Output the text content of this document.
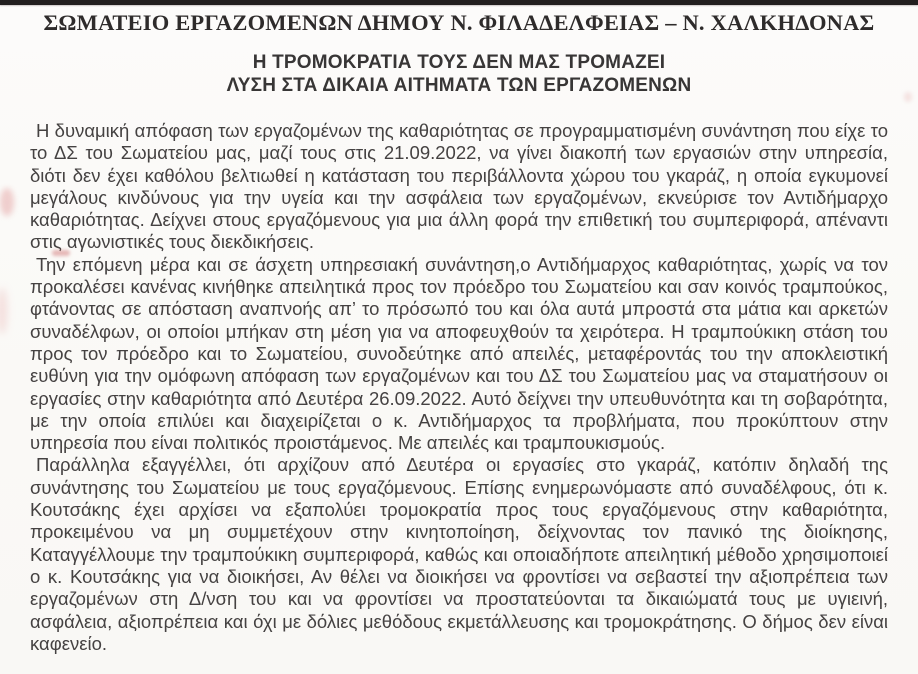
ΣΩΜΑΤΕΙΟ ΕΡΓΑΖΟΜΕΝΩΝ ΔΗΜΟΥ Ν. ΦΙΛΑΔΕΛΦΕΙΑΣ – Ν. ΧΑΛΚΗΔΟΝΑΣ
Η ΤΡΟΜΟΚΡΑΤΙΑ ΤΟΥΣ ΔΕΝ ΜΑΣ ΤΡΟΜΑΖΕΙ
ΛΥΣΗ ΣΤΑ ΔΙΚΑΙΑ ΑΙΤΗΜΑΤΑ ΤΩΝ ΕΡΓΑΖΟΜΕΝΩΝ

Η δυναμική απόφαση των εργαζομένων της καθαριότητας σε προγραμματισμένη συνάντηση που είχε το το ΔΣ του Σωματείου μας, μαζί τους στις 21.09.2022, να γίνει διακοπή των εργασιών στην υπηρεσία, διότι δεν έχει καθόλου βελτιωθεί η κατάσταση του περιβάλλοντα χώρου του γκαράζ, η οποία εγκυμονεί μεγάλους κινδύνους για την υγεία και την ασφάλεια των εργαζομένων, εκνεύρισε τον Αντιδήμαρχο καθαριότητας. Δείχνει στους εργαζόμενους για μια άλλη φορά την επιθετική του συμπεριφορά, απέναντι στις αγωνιστικές τους διεκδικήσεις.

Την επόμενη μέρα και σε άσχετη υπηρεσιακή συνάντηση,ο Αντιδήμαρχος καθαριότητας, χωρίς να τον προκαλέσει κανένας κινήθηκε απειλητικά προς τον πρόεδρο του Σωματείου και σαν κοινός τραμπούκος, φτάνοντας σε απόσταση αναπνοής απ’ το πρόσωπό του και όλα αυτά μπροστά στα μάτια και αρκετών συναδέλφων, οι οποίοι μπήκαν στη μέση για να αποφευχθούν τα χειρότερα. Η τραμπούκικη στάση του προς τον πρόεδρο και το Σωματείου, συνοδεύτηκε από απειλές, μεταφέροντάς του την αποκλειστική ευθύνη για την ομόφωνη απόφαση των εργαζομένων και του ΔΣ του Σωματείου μας να σταματήσουν οι εργασίες στην καθαριότητα από Δευτέρα 26.09.2022. Αυτό δείχνει την υπευθυνότητα και τη σοβαρότητα, με την οποία επιλύει και διαχειρίζεται ο κ. Αντιδήμαρχος τα προβλήματα, που προκύπτουν στην υπηρεσία που είναι πολιτικός προιστάμενος. Με απειλές και τραμπουκισμούς.

Παράλληλα εξαγγέλλει, ότι αρχίζουν από Δευτέρα οι εργασίες στο γκαράζ, κατόπιν δηλαδή της συνάντησης του Σωματείου με τους εργαζόμενους. Επίσης ενημερωνόμαστε από συναδέλφους, ότι κ. Κουτσάκης έχει αρχίσει να εξαπολύει τρομοκρατία προς τους εργαζόμενους στην καθαριότητα, προκειμένου να μη συμμετέχουν στην κινητοποίηση, δείχνοντας τον πανικό της διοίκησης, Καταγγέλλουμε την τραμπούκικη συμπεριφορά, καθώς και οποιαδήποτε απειλητική μέθοδο χρησιμοποιεί ο κ. Κουτσάκης για να διοικήσει, Αν θέλει να διοικήσει να φροντίσει να σεβαστεί την αξιοπρέπεια των εργαζομένων στη Δ/νση του και να φροντίσει να προστατεύονται τα δικαιώματά τους με υγιεινή, ασφάλεια, αξιοπρέπεια και όχι με δόλιες μεθόδους εκμετάλλευσης και τρομοκράτησης. Ο δήμος δεν είναι καφενείο.
